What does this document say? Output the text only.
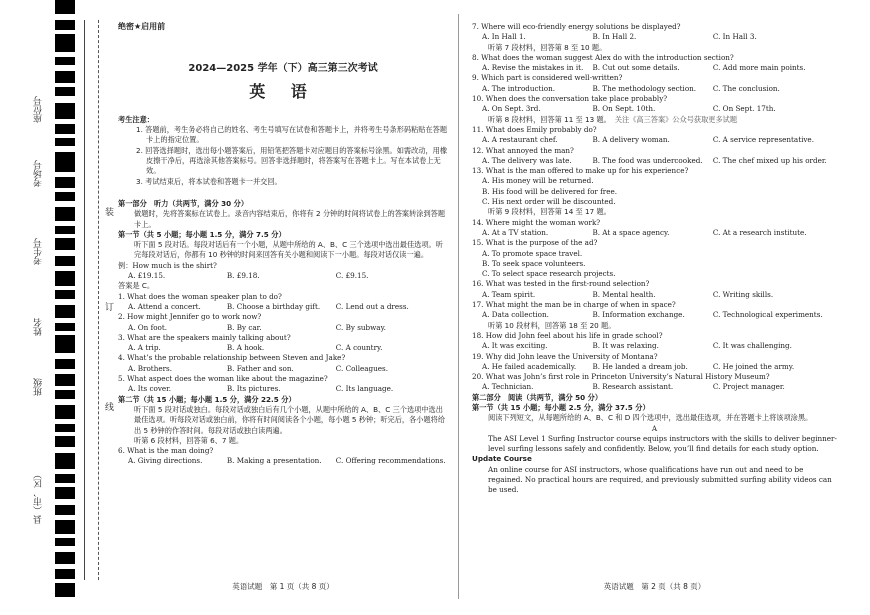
座位号
考场号
考生号
姓名
班级
县（市、区）
装
订
线
绝密★启用前
2024—2025 学年（下）高三第三次考试
英 语
考生注意：
1. 答题前，考生务必将自己的姓名、考生号填写在试卷和答题卡上，并将考生号条形码粘贴在答题卡上的指定位置。
2. 回答选择题时，选出每小题答案后，用铅笔把答题卡对应题目的答案标号涂黑。如需改动，用橡皮擦干净后，再选涂其他答案标号。回答非选择题时，将答案写在答题卡上。写在本试卷上无效。
3. 考试结束后，将本试卷和答题卡一并交回。
第一部分　听力（共两节，满分 30 分）
做题时，先将答案标在试卷上。录音内容结束后，你将有 2 分钟的时间将试卷上的答案转涂到答题卡上。
第一节（共 5 小题；每小题 1.5 分，满分 7.5 分）
听下面 5 段对话。每段对话后有一个小题，从题中所给的 A、B、C 三个选项中选出最佳选项。听完每段对话后，你都有 10 秒钟的时间来回答有关小题和阅读下一小题。每段对话仅读一遍。
例：How much is the shirt?
A. £19.15.	B. £9.18.	C. £9.15.
答案是 C。
1. What does the woman speaker plan to do?
A. Attend a concert.	B. Choose a birthday gift.	C. Lend out a dress.
2. How might Jennifer go to work now?
A. On foot.	B. By car.	C. By subway.
3. What are the speakers mainly talking about?
A. A trip.	B. A hook.	C. A country.
4. What’s the probable relationship between Steven and Jake?
A. Brothers.	B. Father and son.	C. Colleagues.
5. What aspect does the woman like about the magazine?
A. Its cover.	B. Its pictures.	C. Its language.
第二节（共 15 小题；每小题 1.5 分，满分 22.5 分）
听下面 5 段对话或独白。每段对话或独白后有几个小题，从题中所给的 A、B、C 三个选项中选出最佳选项。听每段对话或独白前，你将有时间阅读各个小题，每小题 5 秒钟；听完后，各小题将给出 5 秒钟的作答时间。每段对话或独白读两遍。
听第 6 段材料，回答第 6、7 题。
6. What is the man doing?
A. Giving directions.	B. Making a presentation.	C. Offering recommendations.
英语试题　第 1 页（共 8 页）
7. Where will eco-friendly energy solutions be displayed?
A. In Hall 1.	B. In Hall 2.	C. In Hall 3.
听第 7 段材料，回答第 8 至 10 题。
8. What does the woman suggest Alex do with the introduction section?
A. Revise the mistakes in it.	B. Cut out some details.	C. Add more main points.
9. Which part is considered well-written?
A. The introduction.	B. The methodology section.	C. The conclusion.
10. When does the conversation take place probably?
A. On Sept. 3rd.	B. On Sept. 10th.	C. On Sept. 17th.
听第 8 段材料，回答第 11 至 13 题。 关注《高三答案》公众号获取更多试题
11. What does Emily probably do?
A. A restaurant chef.	B. A delivery woman.	C. A service representative.
12. What annoyed the man?
A. The delivery was late.	B. The food was undercooked.	C. The chef mixed up his order.
13. What is the man offered to make up for his experience?
A. His money will be returned.
B. His food will be delivered for free.
C. His next order will be discounted.
听第 9 段材料，回答第 14 至 17 题。
14. Where might the woman work?
A. At a TV station.	B. At a space agency.	C. At a research institute.
15. What is the purpose of the ad?
A. To promote space travel.
B. To seek space volunteers.
C. To select space research projects.
16. What was tested in the first-round selection?
A. Team spirit.	B. Mental health.	C. Writing skills.
17. What might the man be in charge of when in space?
A. Data collection.	B. Information exchange.	C. Technological experiments.
听第 10 段材料，回答第 18 至 20 题。
18. How did John feel about his life in grade school?
A. It was exciting.	B. It was relaxing.	C. It was challenging.
19. Why did John leave the University of Montana?
A. He failed academically.	B. He landed a dream job.	C. He joined the army.
20. What was John’s first role in Princeton University’s Natural History Museum?
A. Technician.	B. Research assistant.	C. Project manager.
第二部分　阅读（共两节，满分 50 分）
第一节（共 15 小题；每小题 2.5 分，满分 37.5 分）
阅读下列短文，从每题所给的 A、B、C 和 D 四个选项中，选出最佳选项，并在答题卡上将该项涂黑。
A
The ASI Level 1 Surfing Instructor course equips instructors with the skills to deliver beginner-level surfing lessons safely and confidently. Below, you’ll find details for each study option.
Update Course
An online course for ASI instructors, whose qualifications have run out and need to be regained. No practical hours are required, and previously submitted surfing ability videos can be used.
英语试题　第 2 页（共 8 页）
